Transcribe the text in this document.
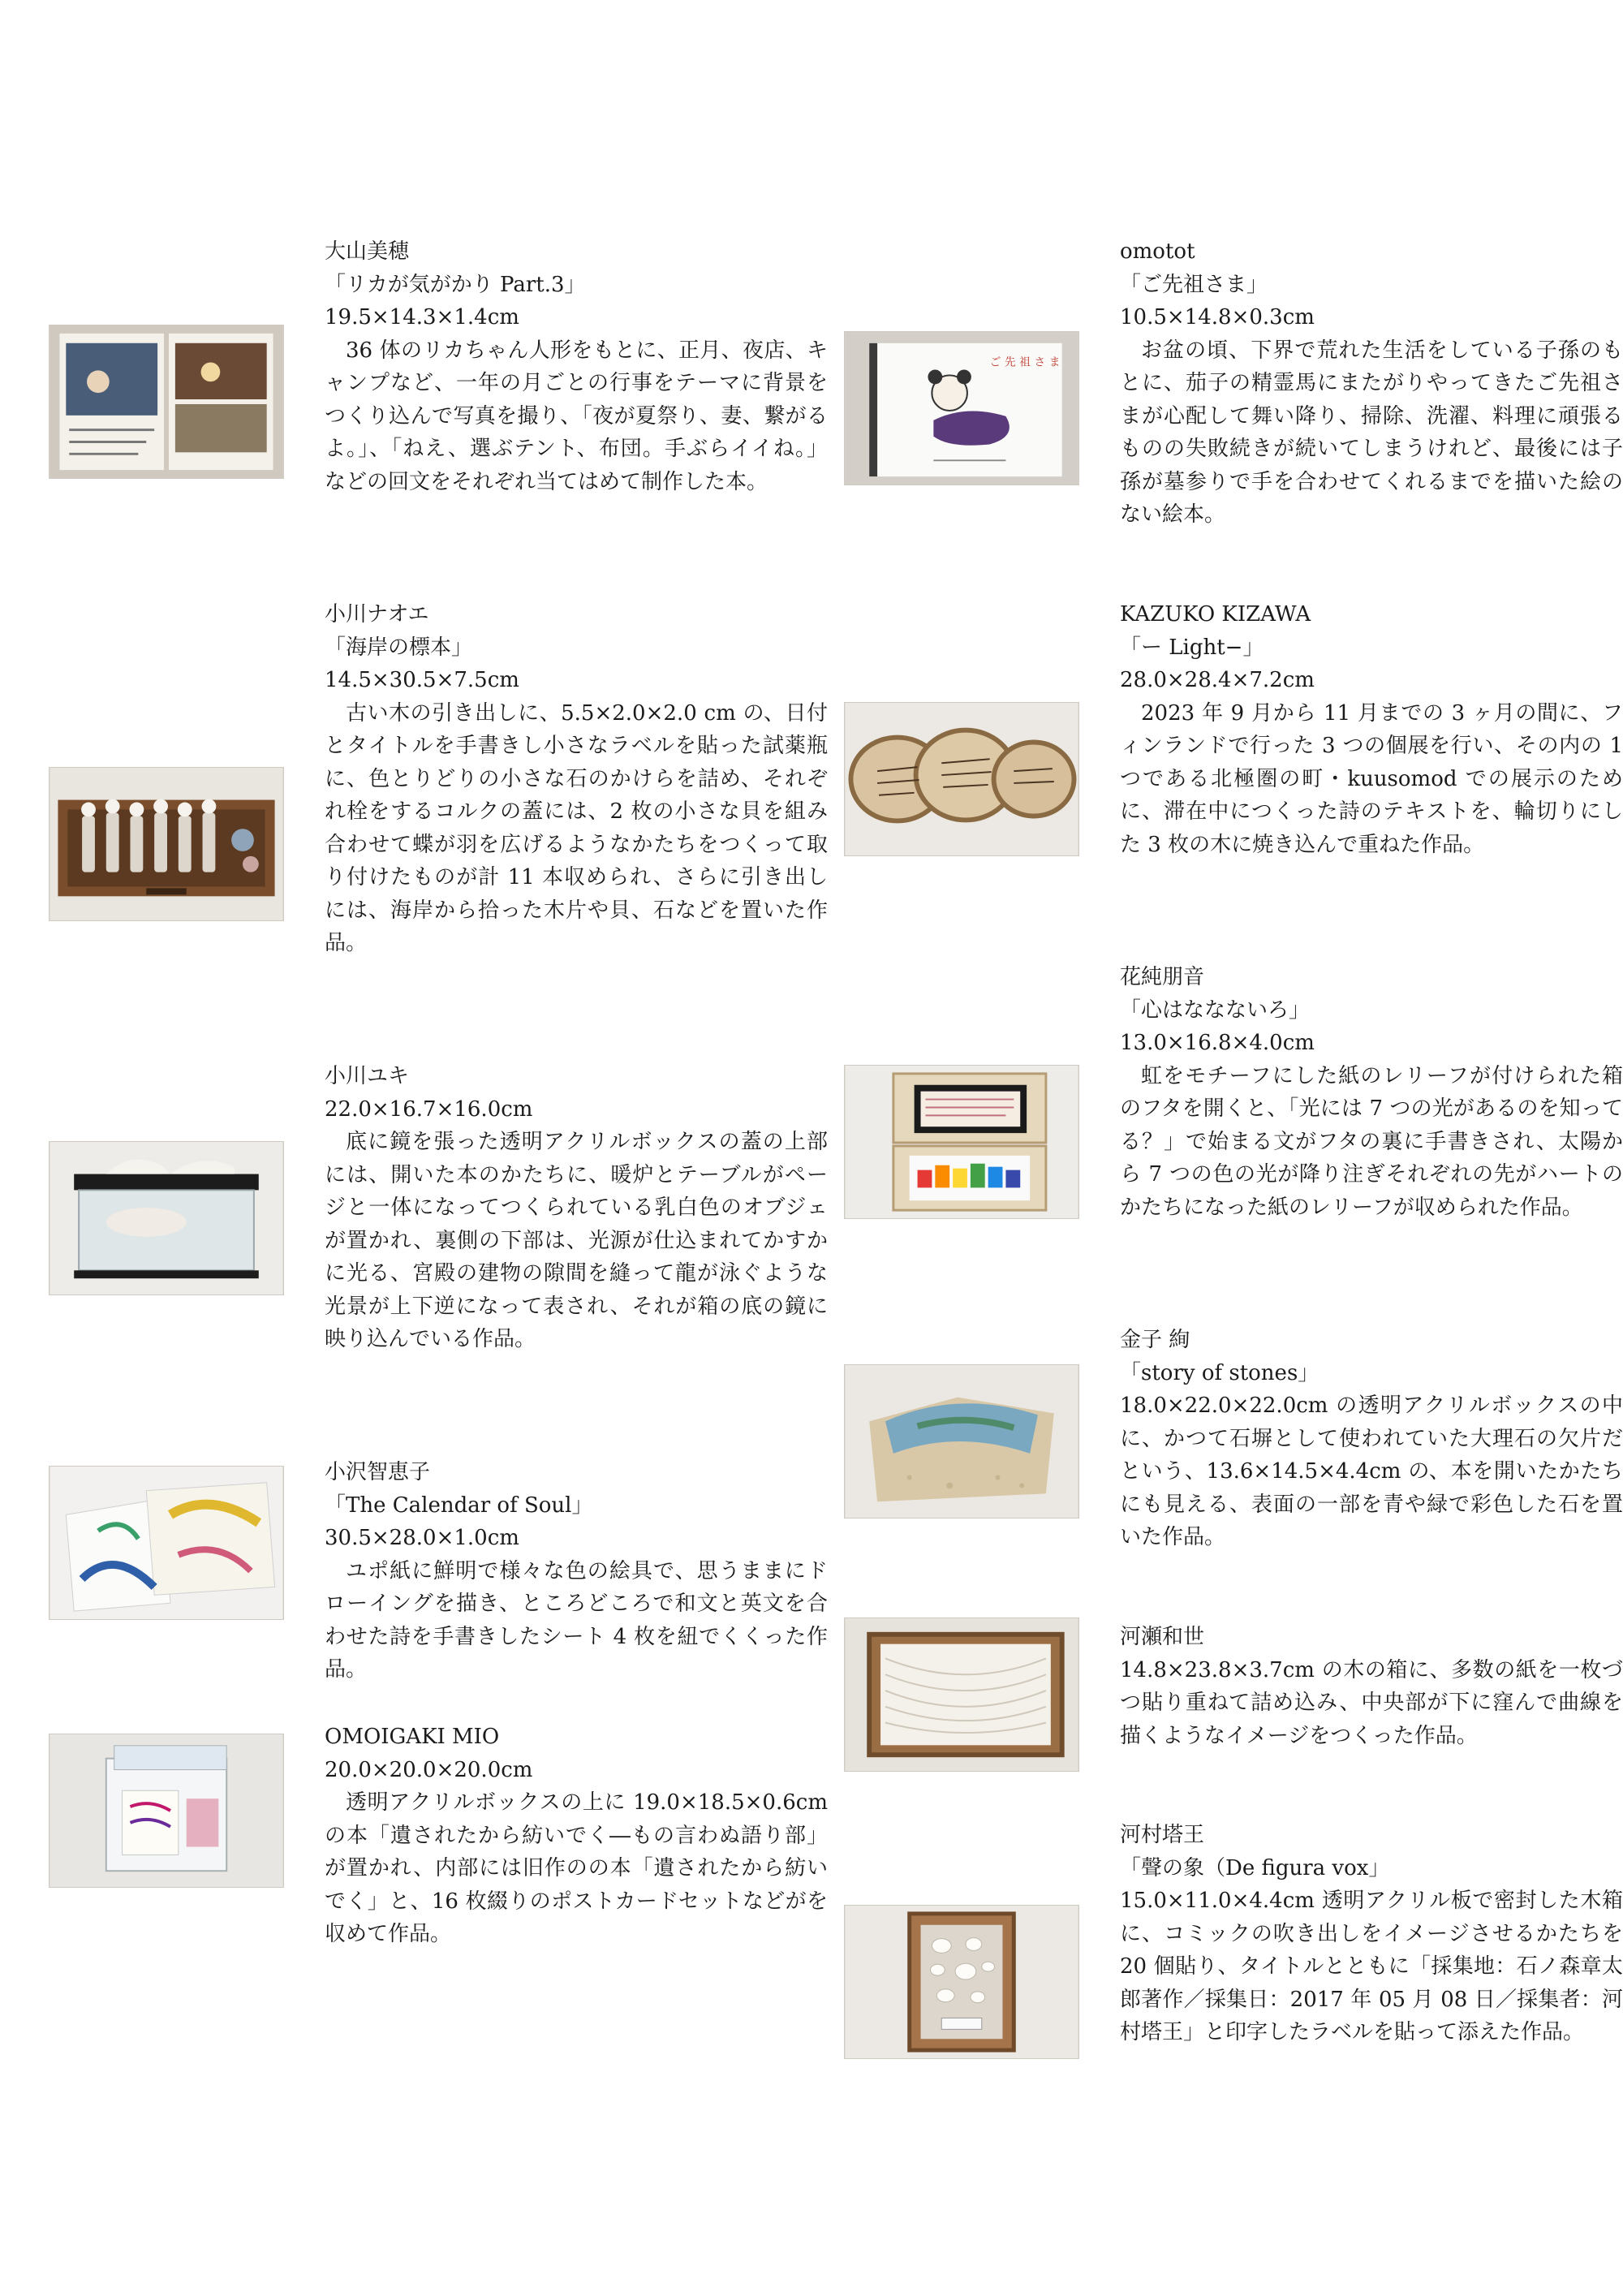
大山美穂
「リカが気がかり Part.3」
19.5×14.3×1.4cm
36 体のリカちゃん人形をもとに、正月、夜店、キャンプなど、一年の月ごとの行事をテーマに背景をつくり込んで写真を撮り、「夜が夏祭り、妻、繋がるよ。」、「ねえ、選ぶテント、布団。手ぶらイイね。」などの回文をそれぞれ当てはめて制作した本。
小川ナオエ
「海岸の標本」
14.5×30.5×7.5cm
古い木の引き出しに、5.5×2.0×2.0 cm の、日付とタイトルを手書きし小さなラベルを貼った試薬瓶に、色とりどりの小さな石のかけらを詰め、それぞれ栓をするコルクの蓋には、2 枚の小さな貝を組み合わせて蝶が羽を広げるようなかたちをつくって取り付けたものが計 11 本収められ、さらに引き出しには、海岸から拾った木片や貝、石などを置いた作品。
小川ユキ
22.0×16.7×16.0cm
底に鏡を張った透明アクリルボックスの蓋の上部には、開いた本のかたちに、暖炉とテーブルがページと一体になってつくられている乳白色のオブジェが置かれ、裏側の下部は、光源が仕込まれてかすかに光る、宮殿の建物の隙間を縫って龍が泳ぐような光景が上下逆になって表され、それが箱の底の鏡に映り込んでいる作品。
小沢智恵子
「The Calendar of Soul」
30.5×28.0×1.0cm
ユポ紙に鮮明で様々な色の絵具で、思うままにドローイングを描き、ところどころで和文と英文を合わせた詩を手書きしたシート 4 枚を紐でくくった作品。
OMOIGAKI MIO
20.0×20.0×20.0cm
透明アクリルボックスの上に 19.0×18.5×0.6cm の本「遺されたから紡いでく―もの言わぬ語り部」が置かれ、内部には旧作のの本「遺されたから紡いでく」と、16 枚綴りのポストカードセットなどがを収めて作品。
ご 先 祖 さ ま
omotot
「ご先祖さま」
10.5×14.8×0.3cm
お盆の頃、下界で荒れた生活をしている子孫のもとに、茄子の精霊馬にまたがりやってきたご先祖さまが心配して舞い降り、掃除、洗濯、料理に頑張るものの失敗続きが続いてしまうけれど、最後には子孫が墓参りで手を合わせてくれるまでを描いた絵のない絵本。
KAZUKO KIZAWA
「ー Light−」
28.0×28.4×7.2cm
2023 年 9 月から 11 月までの 3 ヶ月の間に、フィンランドで行った 3 つの個展を行い、その内の 1 つである北極圏の町・kuusomod での展示のために、滞在中につくった詩のテキストを、輪切りにした 3 枚の木に焼き込んで重ねた作品。
花純朋音
「心はななないろ」
13.0×16.8×4.0cm
虹をモチーフにした紙のレリーフが付けられた箱のフタを開くと、「光には 7 つの光があるのを知ってる？」で始まる文がフタの裏に手書きされ、太陽から 7 つの色の光が降り注ぎそれぞれの先がハートのかたちになった紙のレリーフが収められた作品。
金子 絢
「story of stones」
18.0×22.0×22.0cm の透明アクリルボックスの中に、かつて石塀として使われていた大理石の欠片だという、13.6×14.5×4.4cm の、本を開いたかたちにも見える、表面の一部を青や緑で彩色した石を置いた作品。
河瀬和世
14.8×23.8×3.7cm の木の箱に、多数の紙を一枚づつ貼り重ねて詰め込み、中央部が下に窪んで曲線を描くようなイメージをつくった作品。
河村塔王
「聲の象（De figura vox」
15.0×11.0×4.4cm 透明アクリル板で密封した木箱に、コミックの吹き出しをイメージさせるかたちを 20 個貼り、タイトルとともに「採集地：石ノ森章太郎著作／採集日：2017 年 05 月 08 日／採集者：河村塔王」と印字したラベルを貼って添えた作品。
